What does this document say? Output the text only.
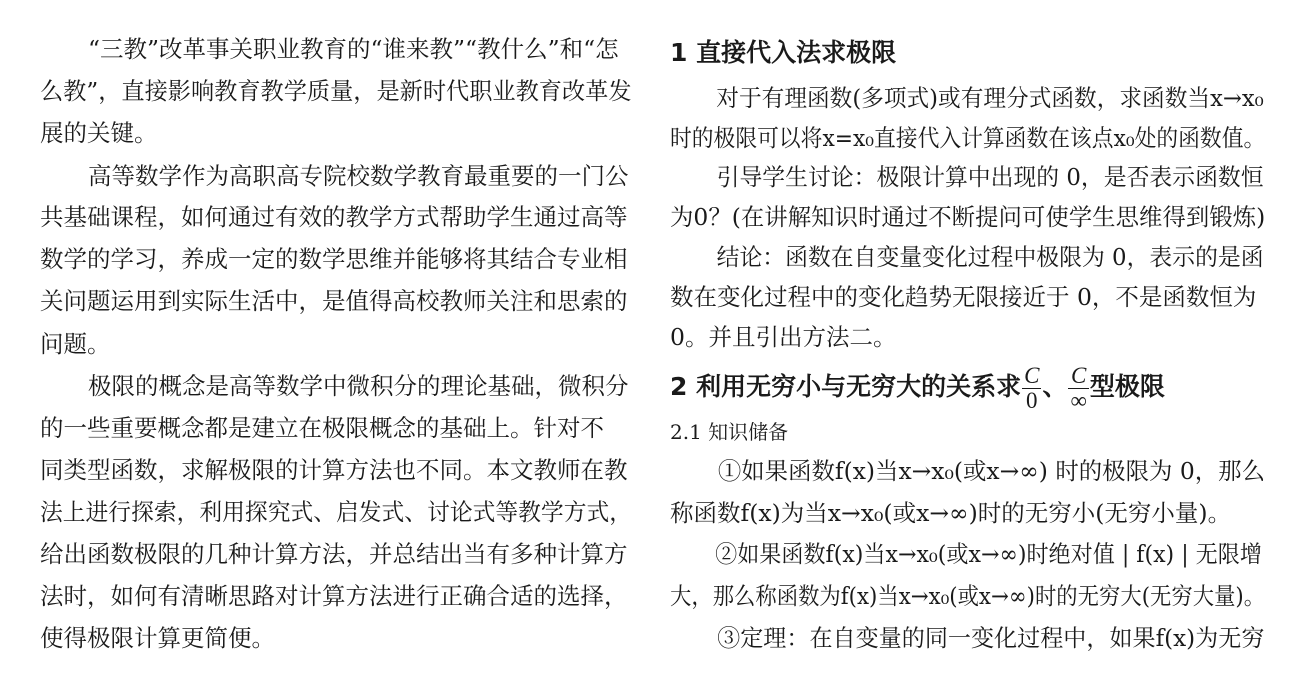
“三教”改革事关职业教育的“谁来教”“教什么”和“怎
么教”，直接影响教育教学质量，是新时代职业教育改革发
展的关键。
高等数学作为高职高专院校数学教育最重要的一门公
共基础课程，如何通过有效的教学方式帮助学生通过高等
数学的学习，养成一定的数学思维并能够将其结合专业相
关问题运用到实际生活中，是值得高校教师关注和思索的
问题。
极限的概念是高等数学中微积分的理论基础，微积分
的一些重要概念都是建立在极限概念的基础上。针对不
同类型函数，求解极限的计算方法也不同。本文教师在教
法上进行探索，利用探究式、启发式、讨论式等教学方式，
给出函数极限的几种计算方法，并总结出当有多种计算方
法时，如何有清晰思路对计算方法进行正确合适的选择，
使得极限计算更简便。
1 直接代入法求极限
对于有理函数(多项式)或有理分式函数，求函数当x→x₀
时的极限可以将x=x₀直接代入计算函数在该点x₀处的函数值。
引导学生讨论：极限计算中出现的 0，是否表示函数恒
为0？(在讲解知识时通过不断提问可使学生思维得到锻炼)
结论：函数在自变量变化过程中极限为 0，表示的是函
数在变化过程中的变化趋势无限接近于 0，不是函数恒为
0。并且引出方法二。
2 利用无穷小与无穷大的关系求 $\frac{C}{0}$ 、 $\frac{C}{\infty}$ 型极限
2.1 知识储备
①如果函数f(x)当x→x₀(或x→∞) 时的极限为 0，那么
称函数f(x)为当x→x₀(或x→∞)时的无穷小(无穷小量)。
②如果函数f(x)当x→x₀(或x→∞)时绝对值 | f(x) | 无限增
大，那么称函数为f(x)当x→x₀(或x→∞)时的无穷大(无穷大量)。
③定理：在自变量的同一变化过程中，如果f(x)为无穷
